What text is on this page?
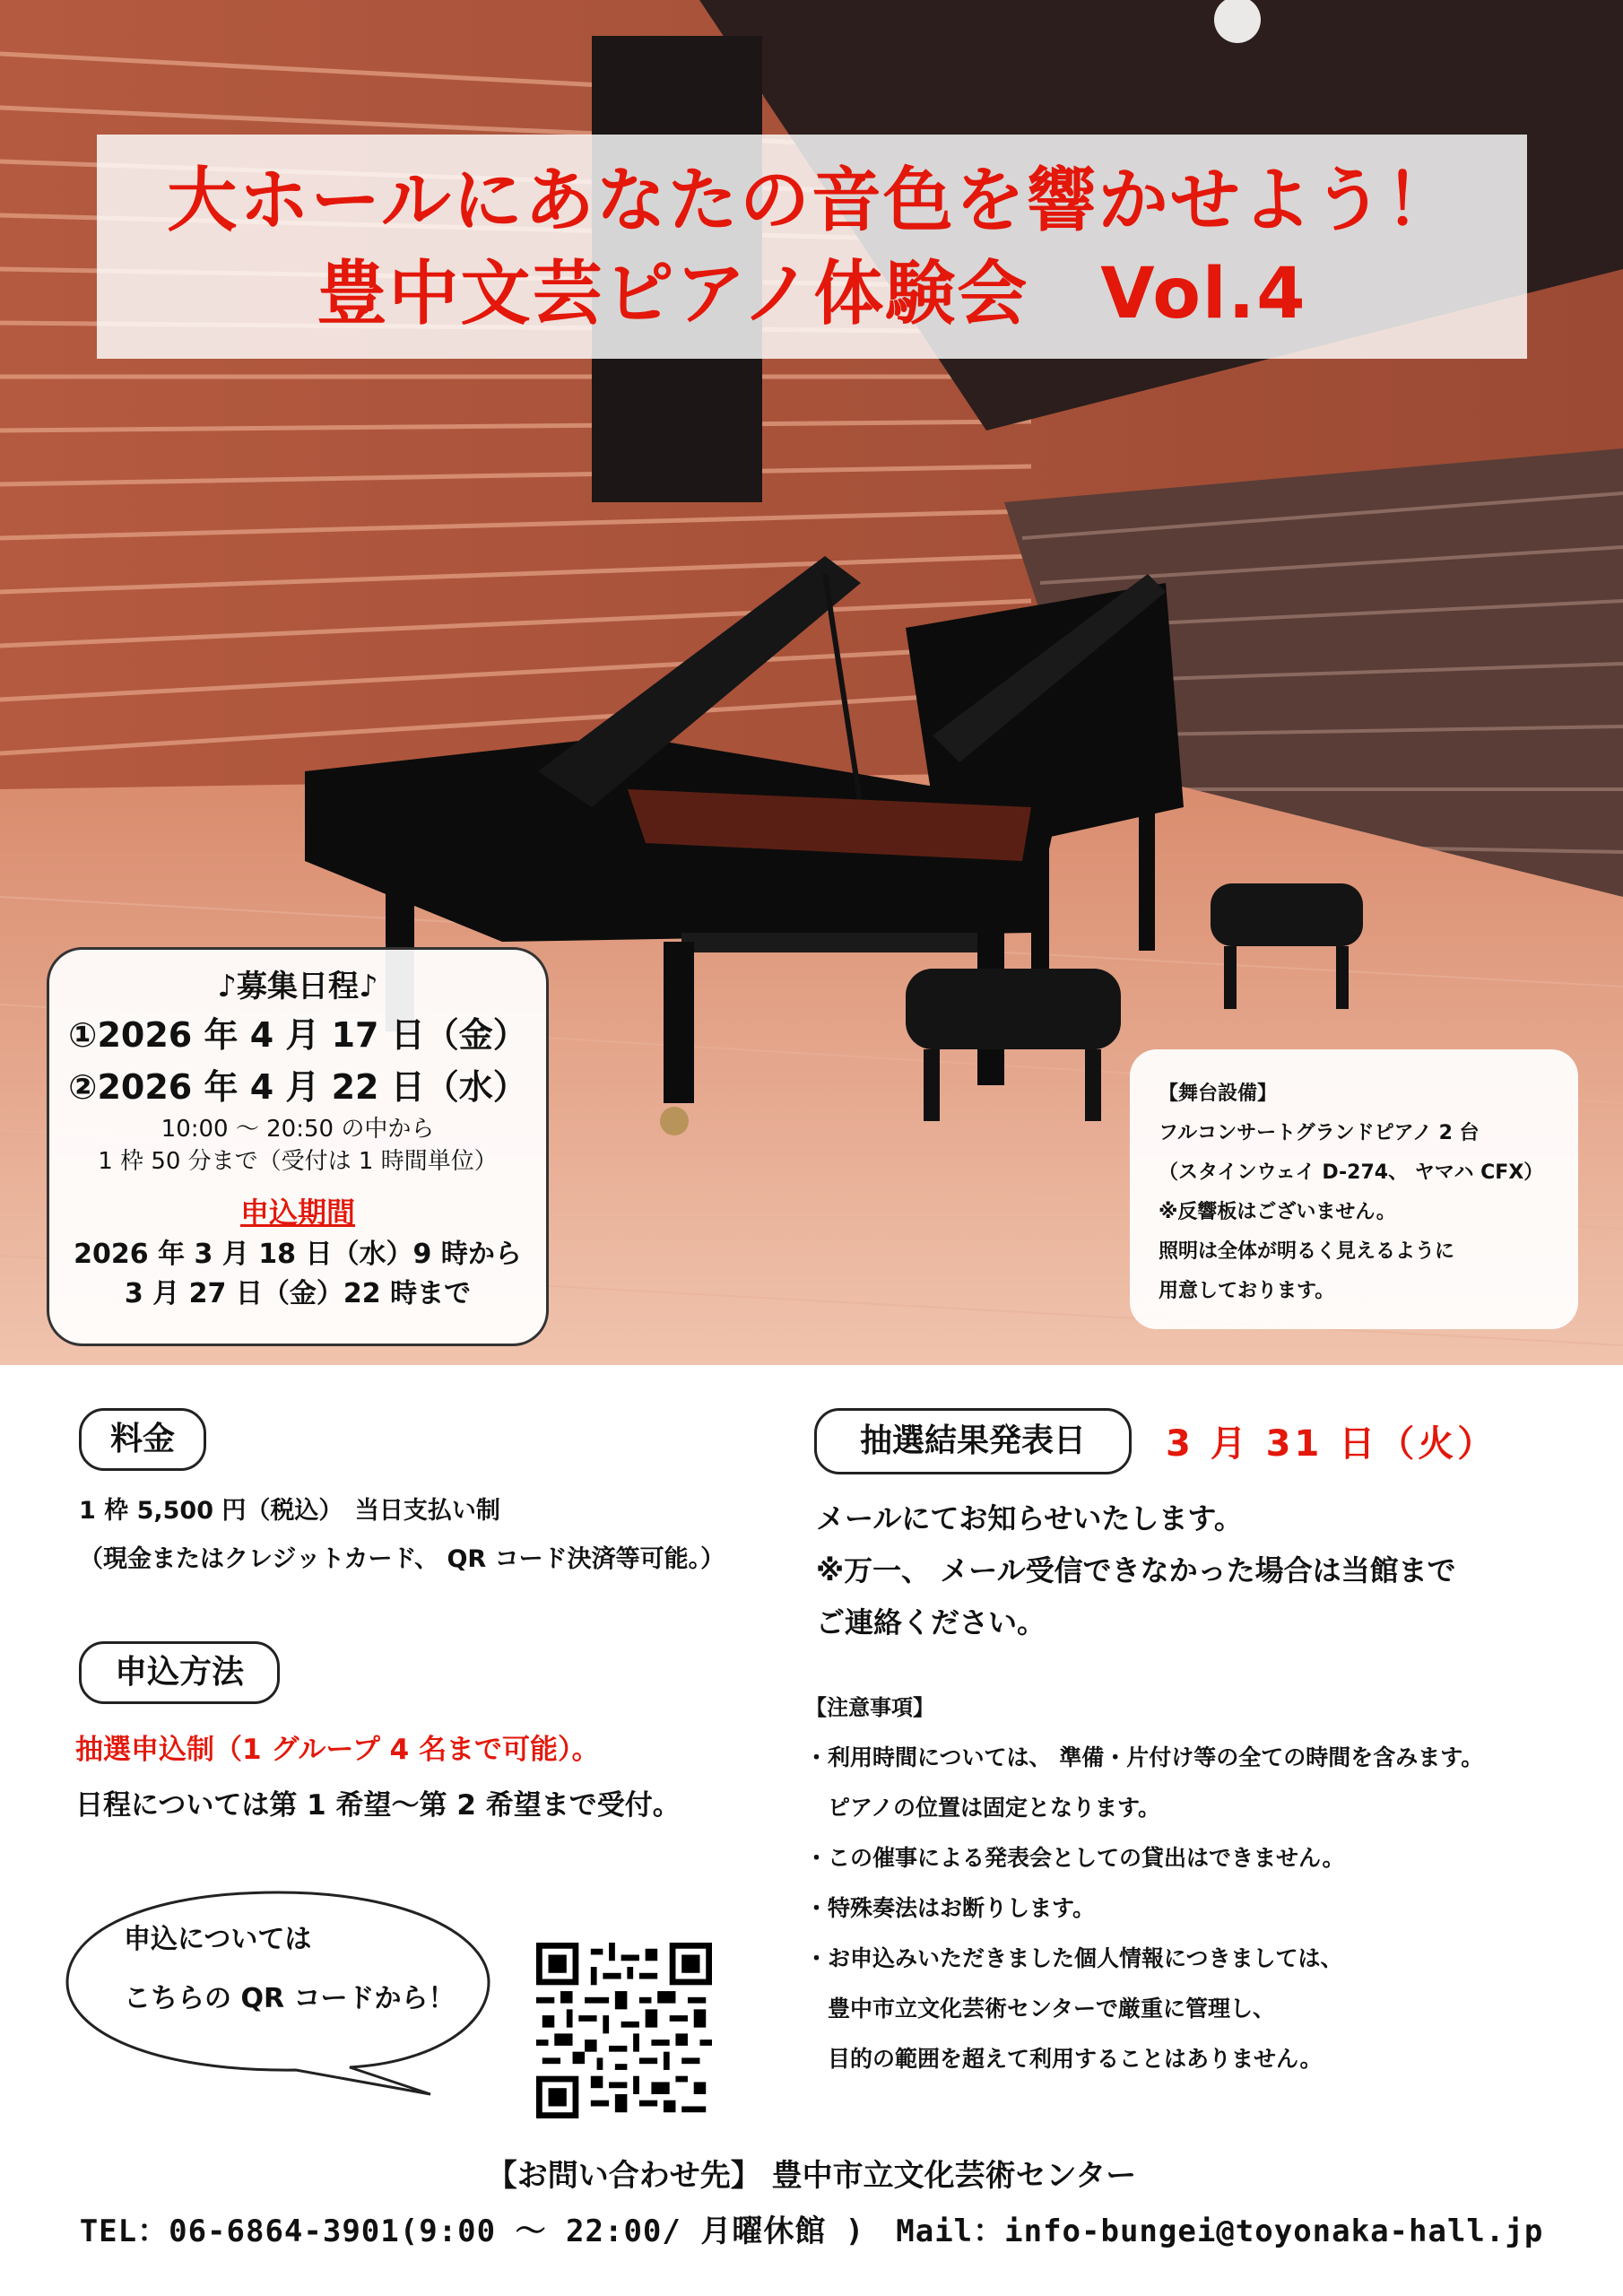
大ホールにあなたの音色を響かせよう！
豊中文芸ピアノ体験会　Vol.4
♪募集日程♪
①2026 年 4 月 17 日（金）
②2026 年 4 月 22 日（水）
10:00 ～ 20:50 の中から
1 枠 50 分まで（受付は 1 時間単位）
申込期間
2026 年 3 月 18 日（水）9 時から
3 月 27 日（金）22 時まで
【舞台設備】
フルコンサートグランドピアノ 2 台
（スタインウェイ D-274、 ヤマハ CFX）
※反響板はございません。
照明は全体が明るく見えるように
用意しております。
料金
1 枠 5,500 円（税込）　当日支払い制
（現金またはクレジットカード、 QR コード決済等可能。）
申込方法
抽選申込制（1 グループ 4 名まで可能）。
日程については第 1 希望～第 2 希望まで受付。
抽選結果発表日	3 月 31 日（火）
メールにてお知らせいたします。
※万一、 メール受信できなかった場合は当館まで
ご連絡ください。
【注意事項】
・利用時間については、 準備・片付け等の全ての時間を含みます。
　ピアノの位置は固定となります。
・この催事による発表会としての貸出はできません。
・特殊奏法はお断りします。
・お申込みいただきました個人情報につきましては、
　豊中市立文化芸術センターで厳重に管理し、
　目的の範囲を超えて利用することはありません。
申込については
こちらの QR コードから！
【お問い合わせ先】 豊中市立文化芸術センター
TEL：06-6864-3901(9:00 ～ 22:00/ 月曜休館 )　Mail：info-bungei@toyonaka-hall.jp
